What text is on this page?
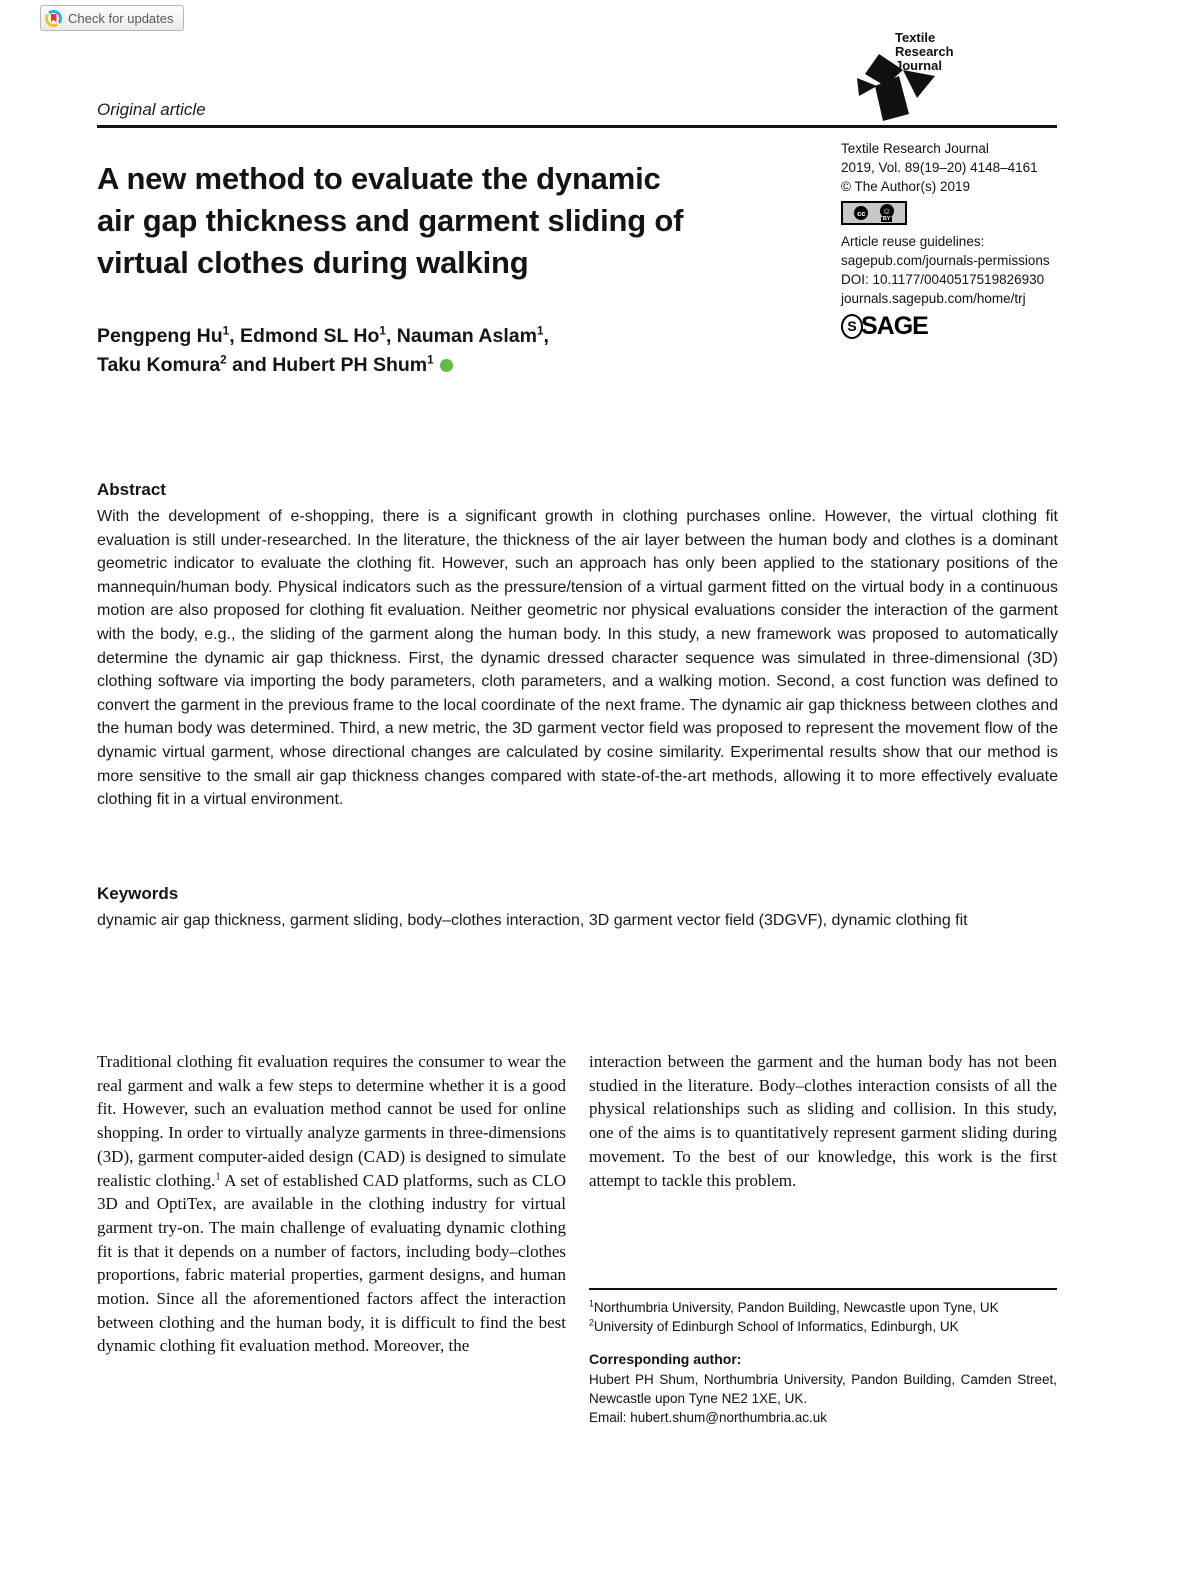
Check for updates
Original article
Textile
Research
Journal
Textile Research Journal
2019, Vol. 89(19–20) 4148–4161
© The Author(s) 2019
cc	☺
BY
Article reuse guidelines:
sagepub.com/journals-permissions
DOI: 10.1177/0040517519826930
journals.sagepub.com/home/trj
S SAGE
A new method to evaluate the dynamic
air gap thickness and garment sliding of
virtual clothes during walking
Pengpeng Hu$^1$, Edmond SL Ho$^1$, Nauman Aslam$^1$,
Taku Komura$^2$ and Hubert PH Shum$^1$
Abstract

With the development of e-shopping, there is a significant growth in clothing purchases online. However, the virtual clothing fit evaluation is still under-researched. In the literature, the thickness of the air layer between the human body and clothes is a dominant geometric indicator to evaluate the clothing fit. However, such an approach has only been applied to the stationary positions of the mannequin/human body. Physical indicators such as the pressure/tension of a virtual garment fitted on the virtual body in a continuous motion are also proposed for clothing fit evaluation. Neither geometric nor physical evaluations consider the interaction of the garment with the body, e.g., the sliding of the garment along the human body. In this study, a new framework was proposed to automatically determine the dynamic air gap thickness. First, the dynamic dressed character sequence was simulated in three-dimensional (3D) clothing software via importing the body parameters, cloth parameters, and a walking motion. Second, a cost function was defined to convert the garment in the previous frame to the local coordinate of the next frame. The dynamic air gap thickness between clothes and the human body was determined. Third, a new metric, the 3D garment vector field was proposed to represent the movement flow of the dynamic virtual garment, whose directional changes are calculated by cosine similarity. Experimental results show that our method is more sensitive to the small air gap thickness changes compared with state-of-the-art methods, allowing it to more effectively evaluate clothing fit in a virtual environment.

Keywords

dynamic air gap thickness, garment sliding, body–clothes interaction, 3D garment vector field (3DGVF), dynamic clothing fit

Traditional clothing fit evaluation requires the consumer to wear the real garment and walk a few steps to determine whether it is a good fit. However, such an evaluation method cannot be used for online shopping. In order to virtually analyze garments in three-dimensions (3D), garment computer-aided design (CAD) is designed to simulate realistic clothing.$^1$ A set of established CAD platforms, such as CLO 3D and OptiTex, are available in the clothing industry for virtual garment try-on. The main challenge of evaluating dynamic clothing fit is that it depends on a number of factors, including body–clothes proportions, fabric material properties, garment designs, and human motion. Since all the aforementioned factors affect the interaction between clothing and the human body, it is difficult to find the best dynamic clothing fit evaluation method. Moreover, the

interaction between the garment and the human body has not been studied in the literature. Body–clothes interaction consists of all the physical relationships such as sliding and collision. In this study, one of the aims is to quantitatively represent garment sliding during movement. To the best of our knowledge, this work is the first attempt to tackle this problem.

$^1$Northumbria University, Pandon Building, Newcastle upon Tyne, UK

$^2$University of Edinburgh School of Informatics, Edinburgh, UK

Corresponding author:

Hubert PH Shum, Northumbria University, Pandon Building, Camden Street, Newcastle upon Tyne NE2 1XE, UK.

Email: hubert.shum@northumbria.ac.uk
